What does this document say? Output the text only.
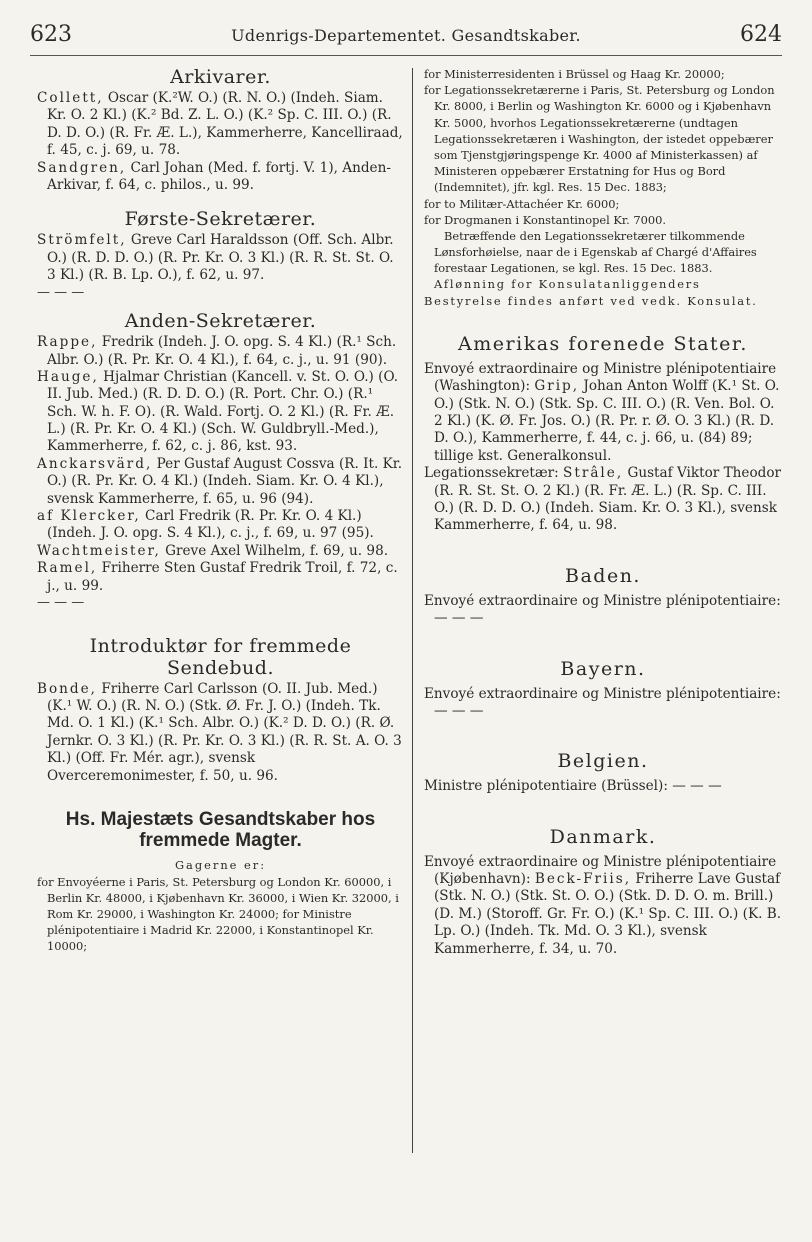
623	Udenrigs-Departementet. Gesandtskaber.	624
Arkivarer.
Collett, Oscar (K.²W. O.) (R. N. O.) (Indeh. Siam. Kr. O. 2 Kl.) (K.² Bd. Z. L. O.) (K.² Sp. C. III. O.) (R. D. D. O.) (R. Fr. Æ. L.), Kammerherre, Kancelliraad, f. 45, c. j. 69, u. 78.
Sandgren, Carl Johan (Med. f. fortj. V. 1), Anden-Arkivar, f. 64, c. philos., u. 99.
Første-Sekretærer.
Strömfelt, Greve Carl Haraldsson (Off. Sch. Albr. O.) (R. D. D. O.) (R. Pr. Kr. O. 3 Kl.) (R. R. St. St. O. 3 Kl.) (R. B. Lp. O.), f. 62, u. 97.
— — —
Anden-Sekretærer.
Rappe, Fredrik (Indeh. J. O. opg. S. 4 Kl.) (R.¹ Sch. Albr. O.) (R. Pr. Kr. O. 4 Kl.), f. 64, c. j., u. 91 (90).
Hauge, Hjalmar Christian (Kancell. v. St. O. O.) (O. II. Jub. Med.) (R. D. D. O.) (R. Port. Chr. O.) (R.¹ Sch. W. h. F. O). (R. Wald. Fortj. O. 2 Kl.) (R. Fr. Æ. L.) (R. Pr. Kr. O. 4 Kl.) (Sch. W. Guldbryll.-Med.), Kammerherre, f. 62, c. j. 86, kst. 93.
Anckarsvärd, Per Gustaf August Cossva (R. It. Kr. O.) (R. Pr. Kr. O. 4 Kl.) (Indeh. Siam. Kr. O. 4 Kl.), svensk Kammerherre, f. 65, u. 96 (94).
af Klercker, Carl Fredrik (R. Pr. Kr. O. 4 Kl.) (Indeh. J. O. opg. S. 4 Kl.), c. j., f. 69, u. 97 (95).
Wachtmeister, Greve Axel Wilhelm, f. 69, u. 98.
Ramel, Friherre Sten Gustaf Fredrik Troil, f. 72, c. j., u. 99.
— — —
Introduktør for fremmede Sendebud.
Bonde, Friherre Carl Carlsson (O. II. Jub. Med.) (K.¹ W. O.) (R. N. O.) (Stk. Ø. Fr. J. O.) (Indeh. Tk. Md. O. 1 Kl.) (K.¹ Sch. Albr. O.) (K.² D. D. O.) (R. Ø. Jernkr. O. 3 Kl.) (R. Pr. Kr. O. 3 Kl.) (R. R. St. A. O. 3 Kl.) (Off. Fr. Mér. agr.), svensk Overceremonimester, f. 50, u. 96.
Hs. Majestæts Gesandtskaber hos fremmede Magter.
Gagerne er:
for Envoyéerne i Paris, St. Petersburg og London Kr. 60000, i Berlin Kr. 48000, i Kjøbenhavn Kr. 36000, i Wien Kr. 32000, i Rom Kr. 29000, i Washington Kr. 24000; for Ministre plénipotentiaire i Madrid Kr. 22000, i Konstantinopel Kr. 10000;
for Ministerresidenten i Brüssel og Haag Kr. 20000;
for Legationssekretærerne i Paris, St. Petersburg og London Kr. 8000, i Berlin og Washington Kr. 6000 og i Kjøbenhavn Kr. 5000, hvorhos Legationssekretærerne (undtagen Legationssekretæren i Washington, der istedet oppebærer som Tjenstgjøringspenge Kr. 4000 af Ministerkassen) af Ministeren oppebærer Erstatning for Hus og Bord (Indemnitet), jfr. kgl. Res. 15 Dec. 1883;
for to Militær-Attachéer Kr. 6000;
for Drogmanen i Konstantinopel Kr. 7000.
Betræffende den Legationssekretærer tilkommende Lønsforhøielse, naar de i Egenskab af Chargé d'Affaires forestaar Legationen, se kgl. Res. 15 Dec. 1883.
Aflønning for Konsulatanliggenders Bestyrelse findes anført ved vedk. Konsulat.
Amerikas forenede Stater.
Envoyé extraordinaire og Ministre plénipotentiaire (Washington): Grip, Johan Anton Wolff (K.¹ St. O. O.) (Stk. N. O.) (Stk. Sp. C. III. O.) (R. Ven. Bol. O. 2 Kl.) (K. Ø. Fr. Jos. O.) (R. Pr. r. Ø. O. 3 Kl.) (R. D. D. O.), Kammerherre, f. 44, c. j. 66, u. (84) 89; tillige kst. Generalkonsul.
Legationssekretær: Strâle, Gustaf Viktor Theodor (R. R. St. St. O. 2 Kl.) (R. Fr. Æ. L.) (R. Sp. C. III. O.) (R. D. D. O.) (Indeh. Siam. Kr. O. 3 Kl.), svensk Kammerherre, f. 64, u. 98.
Baden.
Envoyé extraordinaire og Ministre plénipotentiaire: — — —
Bayern.
Envoyé extraordinaire og Ministre plénipotentiaire: — — —
Belgien.
Ministre plénipotentiaire (Brüssel): — — —
Danmark.
Envoyé extraordinaire og Ministre plénipotentiaire (Kjøbenhavn): Beck-Friis, Friherre Lave Gustaf (Stk. N. O.) (Stk. St. O. O.) (Stk. D. D. O. m. Brill.) (D. M.) (Storoff. Gr. Fr. O.) (K.¹ Sp. C. III. O.) (K. B. Lp. O.) (Indeh. Tk. Md. O. 3 Kl.), svensk Kammerherre, f. 34, u. 70.
